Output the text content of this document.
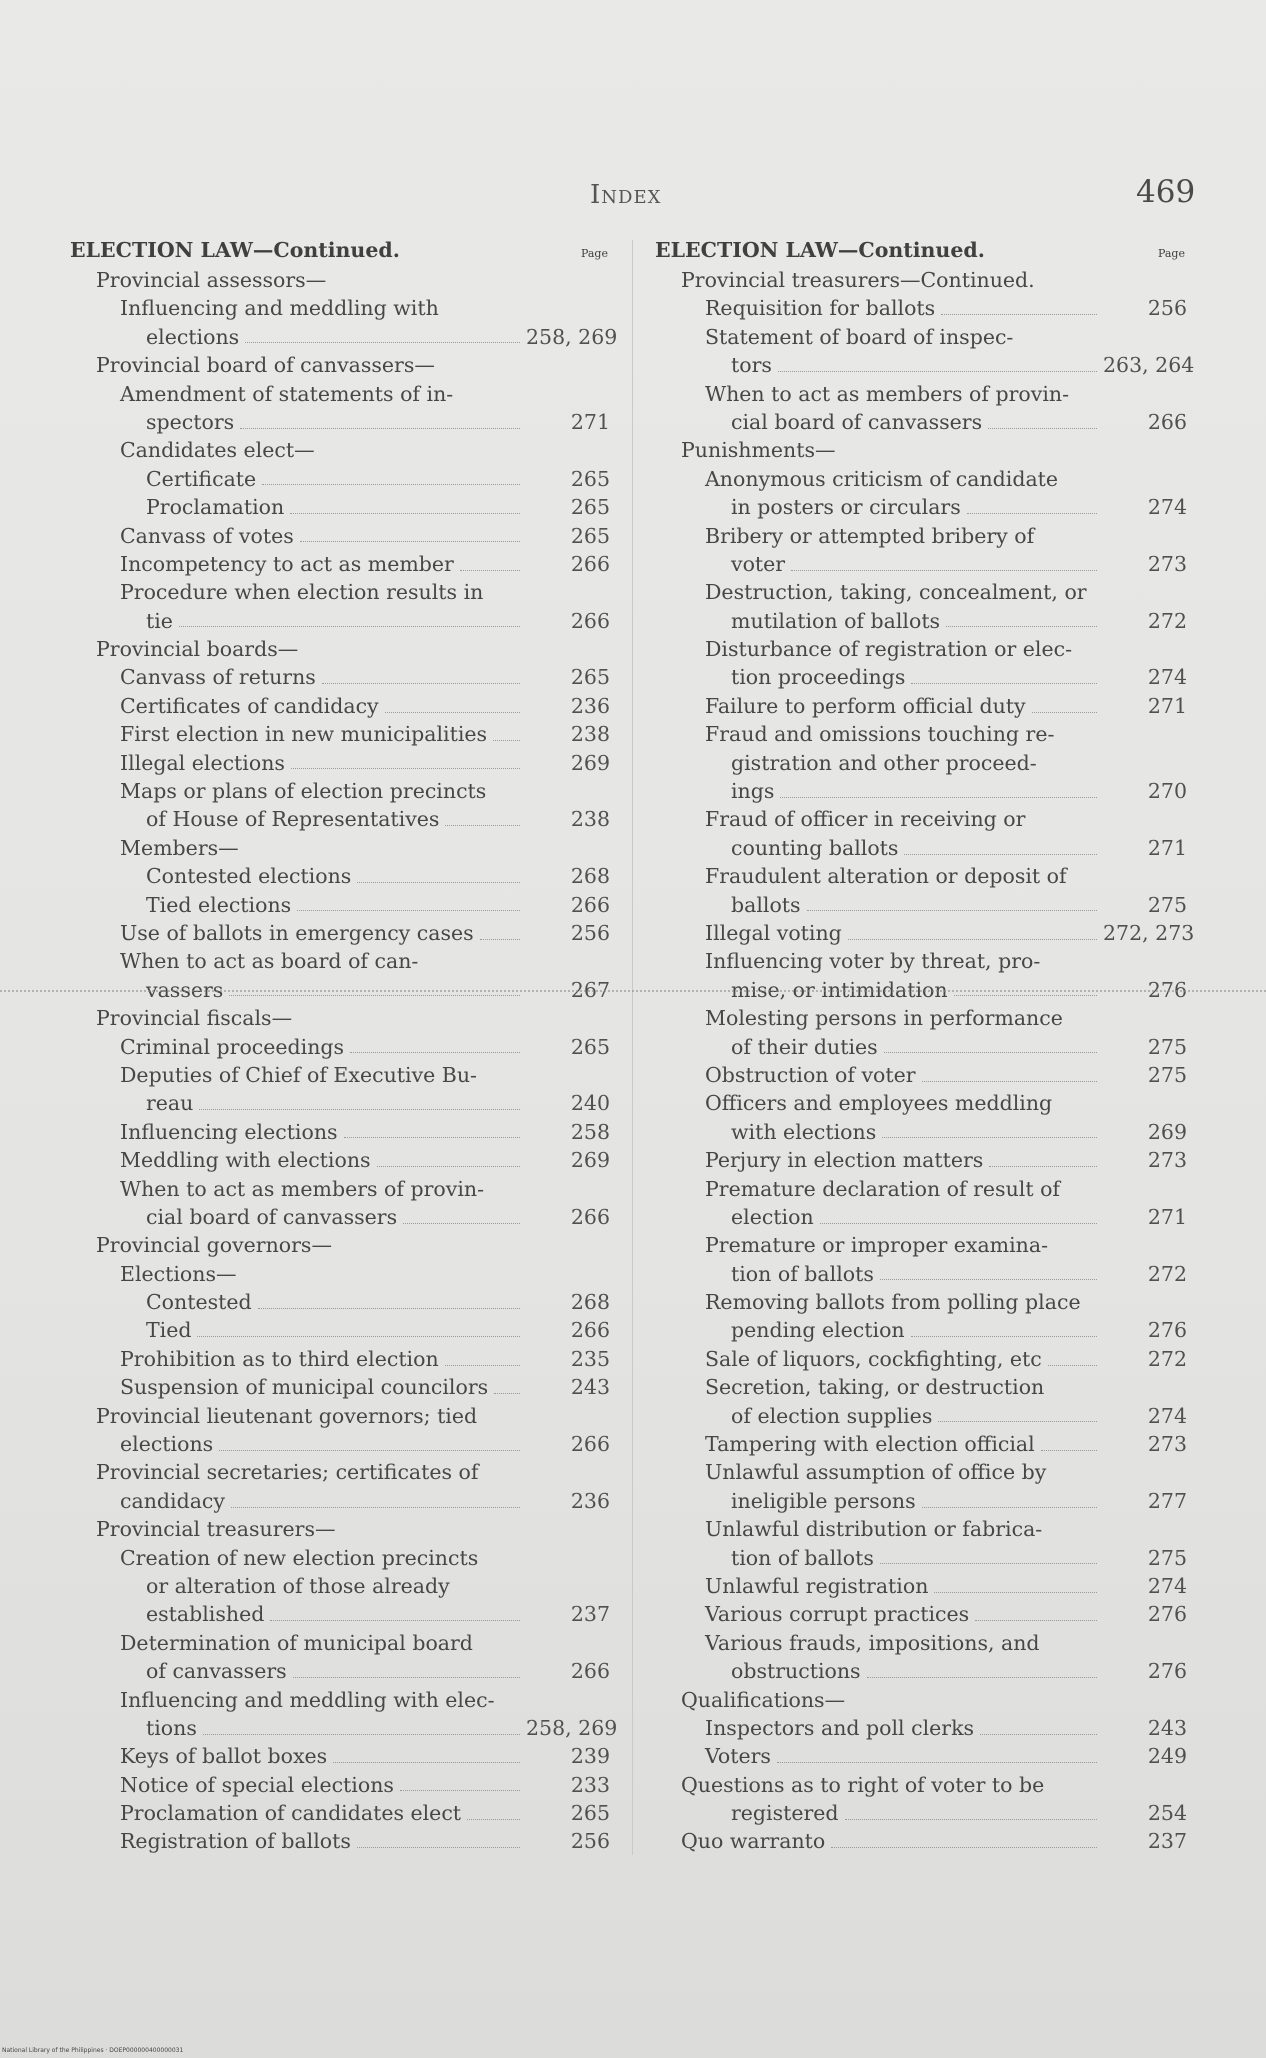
Index	469
ELECTION LAW—Continued.	Page
Provincial assessors—
Influencing and meddling with
elections	258, 269
Provincial board of canvassers—
Amendment of statements of in-
spectors	271
Candidates elect—
Certificate	265
Proclamation	265
Canvass of votes	265
Incompetency to act as member	266
Procedure when election results in
tie	266
Provincial boards—
Canvass of returns	265
Certificates of candidacy	236
First election in new municipalities	238
Illegal elections	269
Maps or plans of election precincts
of House of Representatives	238
Members—
Contested elections	268
Tied elections	266
Use of ballots in emergency cases	256
When to act as board of can-
vassers	267
Provincial fiscals—
Criminal proceedings	265
Deputies of Chief of Executive Bu-
reau	240
Influencing elections	258
Meddling with elections	269
When to act as members of provin-
cial board of canvassers	266
Provincial governors—
Elections—
Contested	268
Tied	266
Prohibition as to third election	235
Suspension of municipal councilors	243
Provincial lieutenant governors; tied
elections	266
Provincial secretaries; certificates of
candidacy	236
Provincial treasurers—
Creation of new election precincts
or alteration of those already
established	237
Determination of municipal board
of canvassers	266
Influencing and meddling with elec-
tions	258, 269
Keys of ballot boxes	239
Notice of special elections	233
Proclamation of candidates elect	265
Registration of ballots	256
ELECTION LAW—Continued.	Page
Provincial treasurers—Continued.
Requisition for ballots	256
Statement of board of inspec-
tors	263, 264
When to act as members of provin-
cial board of canvassers	266
Punishments—
Anonymous criticism of candidate
in posters or circulars	274
Bribery or attempted bribery of
voter	273
Destruction, taking, concealment, or
mutilation of ballots	272
Disturbance of registration or elec-
tion proceedings	274
Failure to perform official duty	271
Fraud and omissions touching re-
gistration and other proceed-
ings	270
Fraud of officer in receiving or
counting ballots	271
Fraudulent alteration or deposit of
ballots	275
Illegal voting	272, 273
Influencing voter by threat, pro-
mise, or intimidation	276
Molesting persons in performance
of their duties	275
Obstruction of voter	275
Officers and employees meddling
with elections	269
Perjury in election matters	273
Premature declaration of result of
election	271
Premature or improper examina-
tion of ballots	272
Removing ballots from polling place
pending election	276
Sale of liquors, cockfighting, etc	272
Secretion, taking, or destruction
of election supplies	274
Tampering with election official	273
Unlawful assumption of office by
ineligible persons	277
Unlawful distribution or fabrica-
tion of ballots	275
Unlawful registration	274
Various corrupt practices	276
Various frauds, impositions, and
obstructions	276
Qualifications—
Inspectors and poll clerks	243
Voters	249
Questions as to right of voter to be
registered	254
Quo warranto	237
National Library of the Philippines · DOEP000000400000031
